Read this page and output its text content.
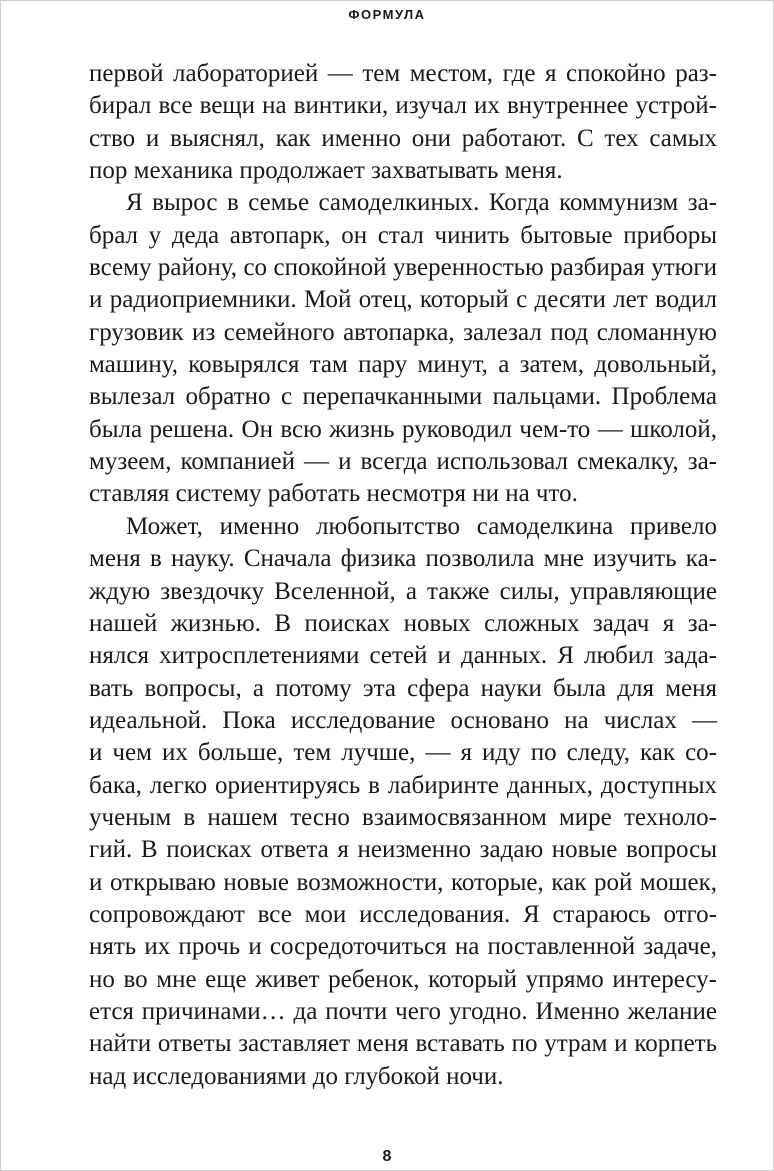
ФОРМУЛА
первой лабораторией — тем местом, где я спокойно раз-
бирал все вещи на винтики, изучал их внутреннее устрой-
ство и выяснял, как именно они работают. С тех самых
пор механика продолжает захватывать меня.
Я вырос в семье самоделкиных. Когда коммунизм за-
брал у деда автопарк, он стал чинить бытовые приборы
всему району, со спокойной уверенностью разбирая утюги
и радиоприемники. Мой отец, который с десяти лет водил
грузовик из семейного автопарка, залезал под сломанную
машину, ковырялся там пару минут, а затем, довольный,
вылезал обратно с перепачканными пальцами. Проблема
была решена. Он всю жизнь руководил чем-то — школой,
музеем, компанией — и всегда использовал смекалку, за-
ставляя систему работать несмотря ни на что.
Может, именно любопытство самоделкина привело
меня в науку. Сначала физика позволила мне изучить ка-
ждую звездочку Вселенной, а также силы, управляющие
нашей жизнью. В поисках новых сложных задач я за-
нялся хитросплетениями сетей и данных. Я любил зада-
вать вопросы, а потому эта сфера науки была для меня
идеальной. Пока исследование основано на числах —
и чем их больше, тем лучше, — я иду по следу, как со-
бака, легко ориентируясь в лабиринте данных, доступных
ученым в нашем тесно взаимосвязанном мире техноло-
гий. В поисках ответа я неизменно задаю новые вопросы
и открываю новые возможности, которые, как рой мошек,
сопровождают все мои исследования. Я стараюсь отго-
нять их прочь и сосредоточиться на поставленной задаче,
но во мне еще живет ребенок, который упрямо интересу-
ется причинами… да почти чего угодно. Именно желание
найти ответы заставляет меня вставать по утрам и корпеть
над исследованиями до глубокой ночи.
8
